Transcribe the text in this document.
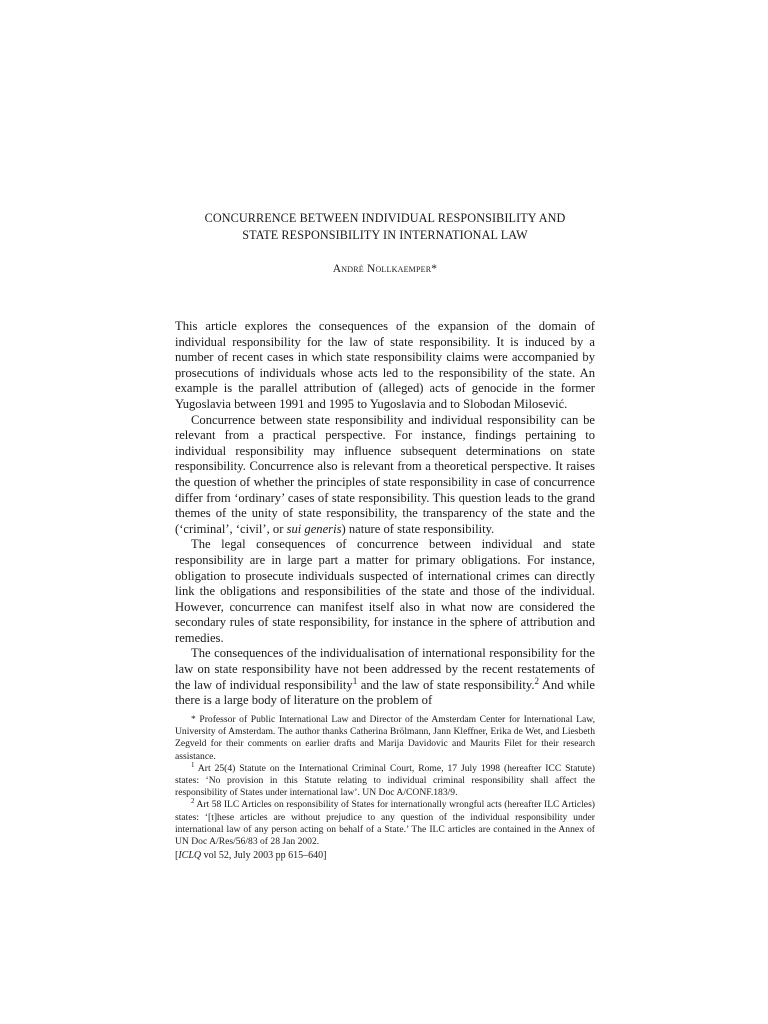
CONCURRENCE BETWEEN INDIVIDUAL RESPONSIBILITY AND
STATE RESPONSIBILITY IN INTERNATIONAL LAW
André Nollkaemper*

This article explores the consequences of the expansion of the domain of individual responsibility for the law of state responsibility. It is induced by a number of recent cases in which state responsibility claims were accompanied by prosecutions of individuals whose acts led to the responsibility of the state. An example is the parallel attribution of (alleged) acts of genocide in the former Yugoslavia between 1991 and 1995 to Yugoslavia and to Slobodan Milosević.

Concurrence between state responsibility and individual responsibility can be relevant from a practical perspective. For instance, findings pertaining to individual responsibility may influence subsequent determinations on state responsibility. Concurrence also is relevant from a theoretical perspective. It raises the question of whether the principles of state responsibility in case of concurrence differ from ‘ordinary’ cases of state responsibility. This question leads to the grand themes of the unity of state responsibility, the transparency of the state and the (‘criminal’, ‘civil’, or sui generis) nature of state responsibility.

The legal consequences of concurrence between individual and state responsibility are in large part a matter for primary obligations. For instance, obligation to prosecute individuals suspected of international crimes can directly link the obligations and responsibilities of the state and those of the individual. However, concurrence can manifest itself also in what now are considered the secondary rules of state responsibility, for instance in the sphere of attribution and remedies.

The consequences of the individualisation of international responsibility for the law on state responsibility have not been addressed by the recent restatements of the law of individual responsibility$^1$ and the law of state responsibility.$^2$ And while there is a large body of literature on the problem of

* Professor of Public International Law and Director of the Amsterdam Center for International Law, University of Amsterdam. The author thanks Catherina Brölmann, Jann Kleffner, Erika de Wet, and Liesbeth Zegveld for their comments on earlier drafts and Marija Davidovic and Maurits Filet for their research assistance.

$^1$ Art 25(4) Statute on the International Criminal Court, Rome, 17 July 1998 (hereafter ICC Statute) states: ‘No provision in this Statute relating to individual criminal responsibility shall affect the responsibility of States under international law’. UN Doc A/CONF.183/9.

$^2$ Art 58 ILC Articles on responsibility of States for internationally wrongful acts (hereafter ILC Articles) states: ‘[t]hese articles are without prejudice to any question of the individual responsibility under international law of any person acting on behalf of a State.’ The ILC articles are contained in the Annex of UN Doc A/Res/56/83 of 28 Jan 2002.

[ICLQ vol 52, July 2003 pp 615–640]
